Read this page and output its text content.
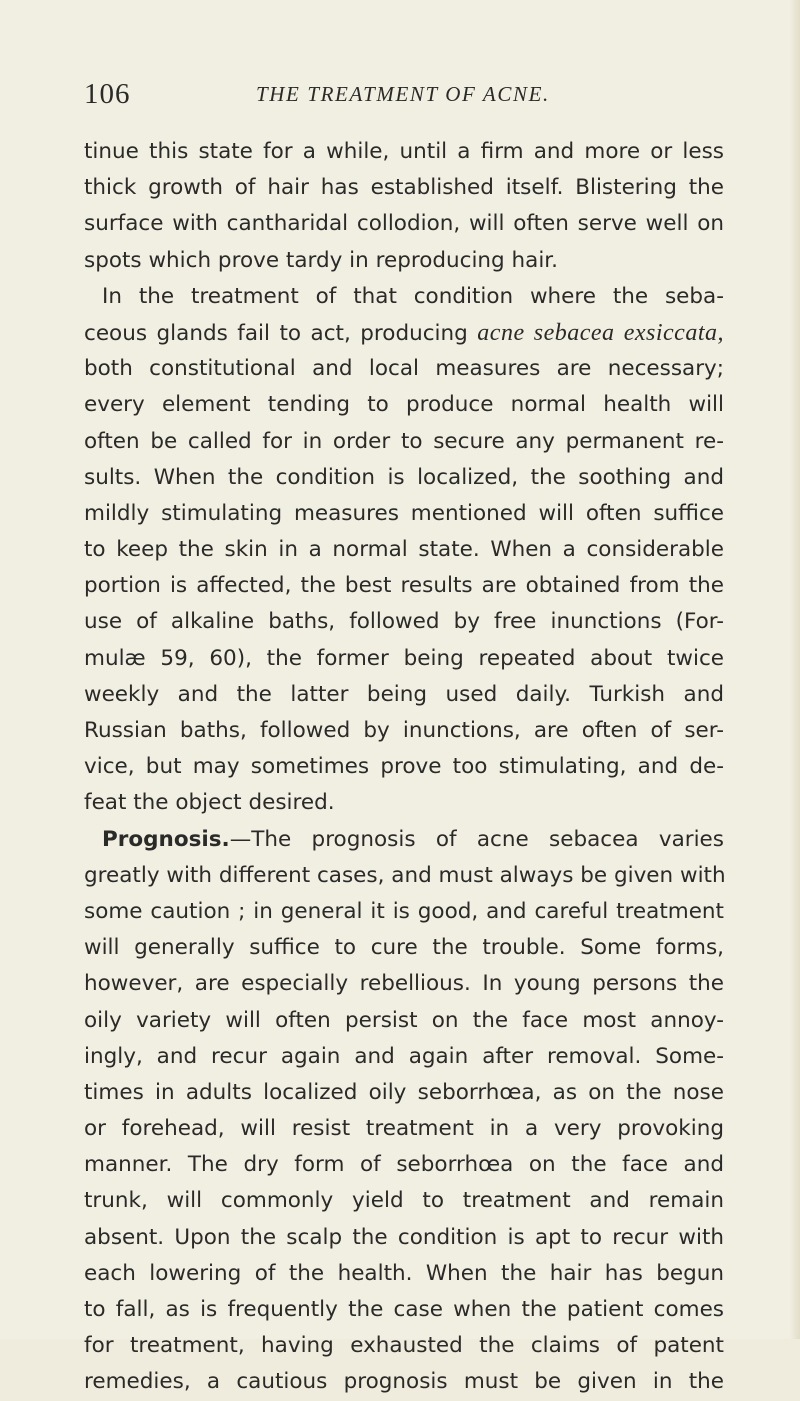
106	THE TREATMENT OF ACNE.
tinue this state for a while, until a firm and more or less
thick growth of hair has established itself. Blistering the
surface with cantharidal collodion, will often serve well on
spots which prove tardy in reproducing hair.
In the treatment of that condition where the seba-
ceous glands fail to act, producing acne sebacea exsiccata,
both constitutional and local measures are necessary;
every element tending to produce normal health will
often be called for in order to secure any permanent re-
sults. When the condition is localized, the soothing and
mildly stimulating measures mentioned will often suffice
to keep the skin in a normal state. When a considerable
portion is affected, the best results are obtained from the
use of alkaline baths, followed by free inunctions (For-
mulæ 59, 60), the former being repeated about twice
weekly and the latter being used daily. Turkish and
Russian baths, followed by inunctions, are often of ser-
vice, but may sometimes prove too stimulating, and de-
feat the object desired.
Prognosis.—The prognosis of acne sebacea varies
greatly with different cases, and must always be given with
some caution ; in general it is good, and careful treatment
will generally suffice to cure the trouble. Some forms,
however, are especially rebellious. In young persons the
oily variety will often persist on the face most annoy-
ingly, and recur again and again after removal. Some-
times in adults localized oily seborrhœa, as on the nose
or forehead, will resist treatment in a very provoking
manner. The dry form of seborrhœa on the face and
trunk, will commonly yield to treatment and remain
absent. Upon the scalp the condition is apt to recur with
each lowering of the health. When the hair has begun
to fall, as is frequently the case when the patient comes
for treatment, having exhausted the claims of patent
remedies, a cautious prognosis must be given in the
